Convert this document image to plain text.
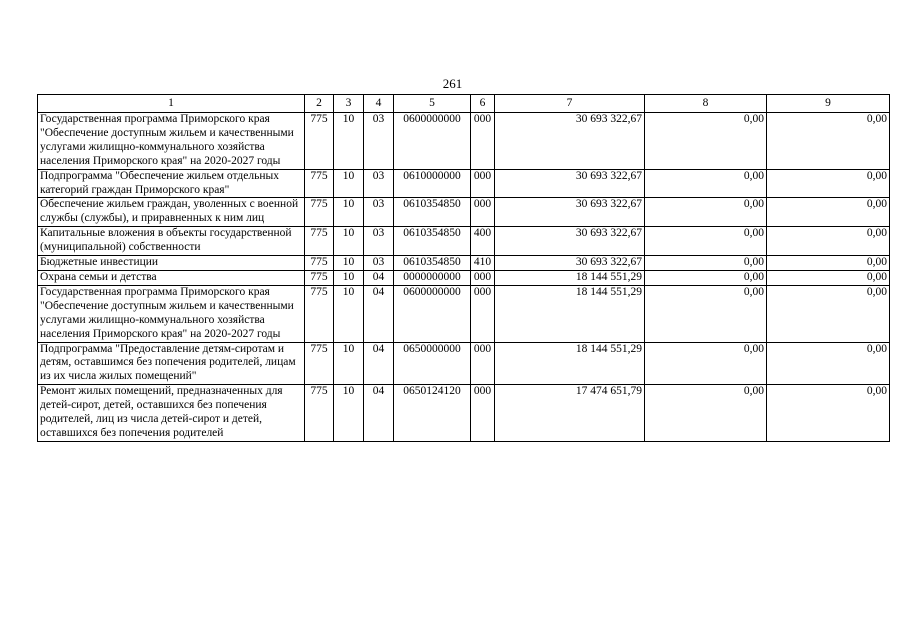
261
1	2	3	4	5	6	7	8	9
Государственная программа Приморского края "Обеспечение доступным жильем и качественными услугами жилищно-коммунального хозяйства населения Приморского края" на 2020-2027 годы	775	10	03	0600000000	000	30 693 322,67	0,00	0,00
Подпрограмма "Обеспечение жильем отдельных категорий граждан Приморского края"	775	10	03	0610000000	000	30 693 322,67	0,00	0,00
Обеспечение жильем граждан, уволенных с военной службы (службы), и приравненных к ним лиц	775	10	03	0610354850	000	30 693 322,67	0,00	0,00
Капитальные вложения в объекты государственной (муниципальной) собственности	775	10	03	0610354850	400	30 693 322,67	0,00	0,00
Бюджетные инвестиции	775	10	03	0610354850	410	30 693 322,67	0,00	0,00
Охрана семьи и детства	775	10	04	0000000000	000	18 144 551,29	0,00	0,00
Государственная программа Приморского края "Обеспечение доступным жильем и качественными услугами жилищно-коммунального хозяйства населения Приморского края" на 2020-2027 годы	775	10	04	0600000000	000	18 144 551,29	0,00	0,00
Подпрограмма "Предоставление детям-сиротам и детям, оставшимся без попечения родителей, лицам из их числа жилых помещений"	775	10	04	0650000000	000	18 144 551,29	0,00	0,00
Ремонт жилых помещений, предназначенных для детей-сирот, детей, оставшихся без попечения родителей, лиц из числа детей-сирот и детей, оставшихся без попечения родителей	775	10	04	0650124120	000	17 474 651,79	0,00	0,00
